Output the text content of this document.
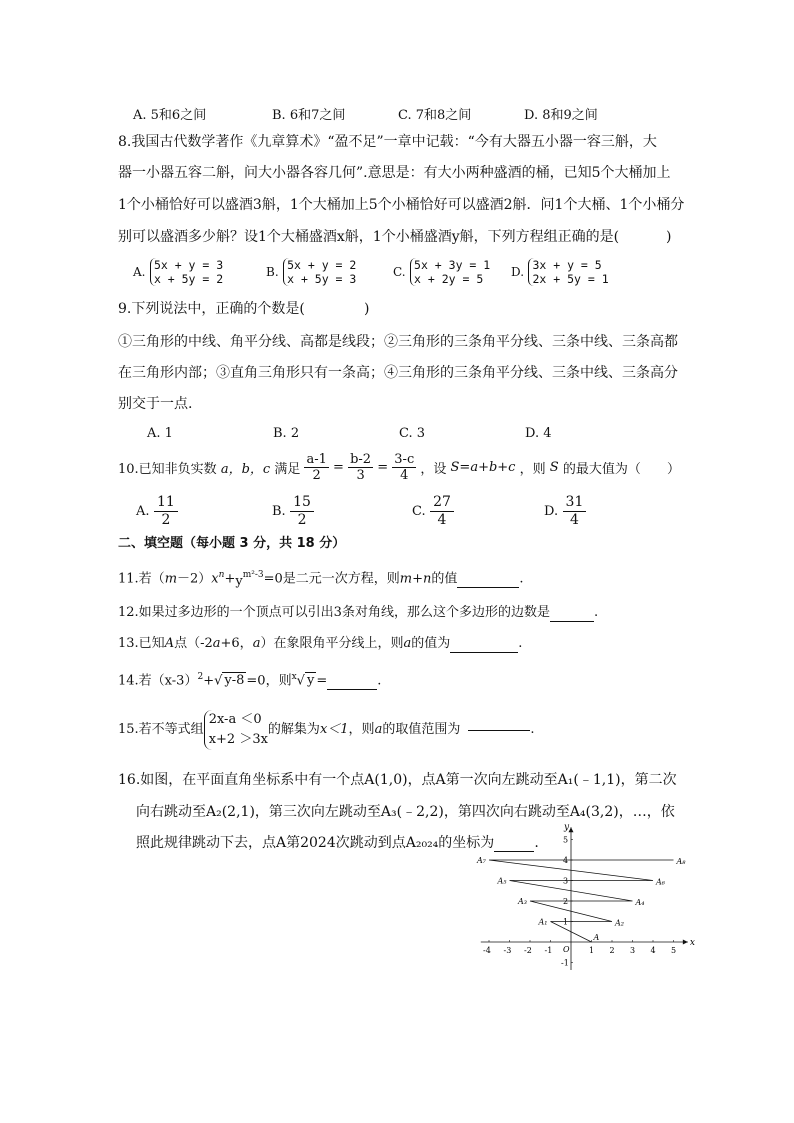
A. 5和6之间	B. 6和7之间	C. 7和8之间	D. 8和9之间
8.我国古代数学著作《九章算术》“盈不足”一章中记载：“今有大器五小器一容三斛，大
器一小器五容二斛，问大小器各容几何”.意思是：有大小两种盛酒的桶，已知5个大桶加上
1个小桶恰好可以盛酒3斛，1个大桶加上5个小桶恰好可以盛酒2斛．问1个大桶、1个小桶分
别可以盛酒多少斛？设1个大桶盛酒x斛，1个小桶盛酒y斛，下列方程组正确的是(	)
A. 5x + y = 3
x + 5y = 2	B. 5x + y = 2
x + 5y = 3	C. 5x + 3y = 1
x + 2y = 5	D. 3x + y = 5
2x + 5y = 1
9.下列说法中，正确的个数是(	)
①三角形的中线、角平分线、高都是线段；②三角形的三条角平分线、三条中线、三条高都
在三角形内部；③直角三角形只有一条高；④三角形的三条角平分线、三条中线、三条高分
别交于一点.
A. 1	B. 2	C. 3	D. 4
10.已知非负实数 a，b，c 满足 $\frac{a-1}{2} = \frac{b-2}{3} = \frac{3-c}{4}$ ，设 S=a+b+c ，则 S 的最大值为（ ）
A. $\frac{11}{2}$	B. $\frac{15}{2}$	C. $\frac{27}{4}$	D. $\frac{31}{4}$
二、填空题（每小题 3 分，共 18 分）
11.若$(m-2)x^n+y^{m^2-3}=0$是二元一次方程，则m+n的值	.
12.如果过多边形的一个顶点可以引出3条对角线，那么这个多边形的边数是	.
13.已知A点（-2a+6，a）在象限角平分线上，则a的值为	.
14.若$(x-3)^2+√$ y-8 =0，则$^x$√ y =	.
15.若不等式组
2x-a ＜0
x+2 ＞3x
的解集为x＜1，则a的取值范围为	.
16.如图，在平面直角坐标系中有一个点A(1,0)，点A第一次向左跳动至A₁(﹣1,1)，第二次
向右跳动至A₂(2,1)，第三次向左跳动至A₃(﹣2,2)，第四次向右跳动至A₄(3,2)，…，依
照此规律跳动下去，点A第2024次跳动到点A₂₀₂₄的坐标为	.
x
y
-4 -3 -2 -1 O 1 2 3 4 5
5
4
3
2
1
-1
A
A₁	A₂
A₃	A₄
A₅	A₆
A₇	A₈
